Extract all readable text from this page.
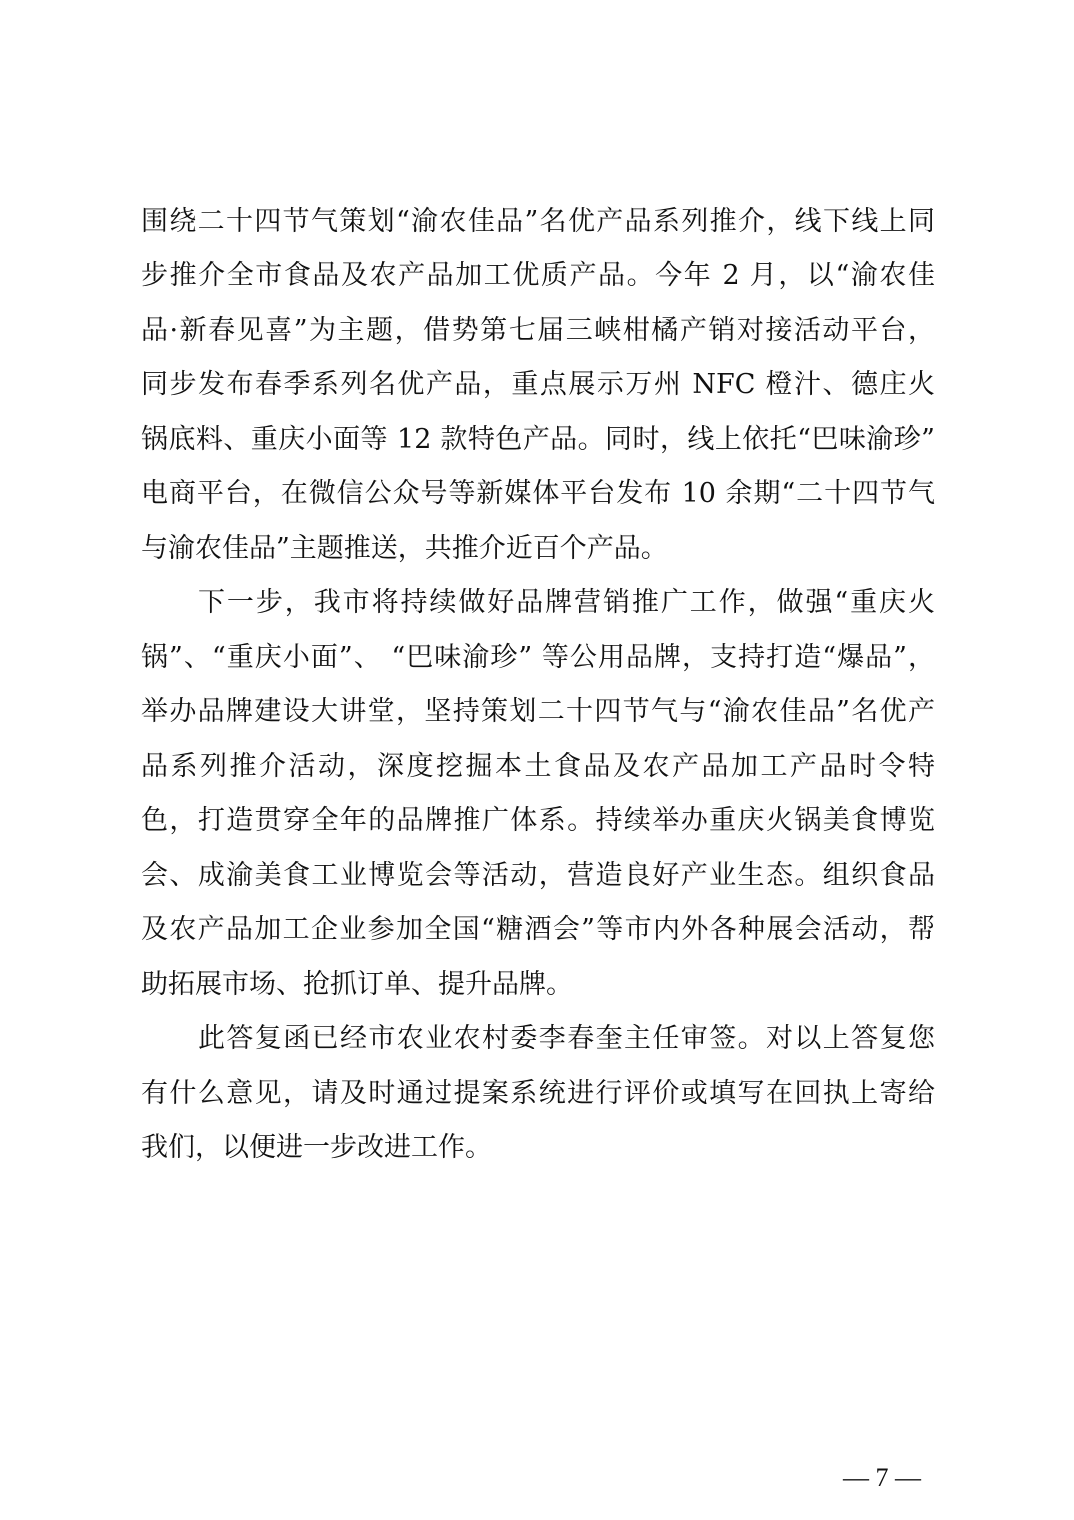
围绕二十四节气策划“渝农佳品”名优产品系列推介，线下线上同
步推介全市食品及农产品加工优质产品。今年 2 月，以“渝农佳
品·新春见喜”为主题，借势第七届三峡柑橘产销对接活动平台，
同步发布春季系列名优产品，重点展示万州 NFC 橙汁、德庄火
锅底料、重庆小面等 12 款特色产品。同时，线上依托“巴味渝珍”
电商平台，在微信公众号等新媒体平台发布 10 余期“二十四节气
与渝农佳品”主题推送，共推介近百个产品。
下一步，我市将持续做好品牌营销推广工作，做强“重庆火
锅”、“重庆小面”、 “巴味渝珍” 等公用品牌，支持打造“爆品”，
举办品牌建设大讲堂，坚持策划二十四节气与“渝农佳品”名优产
品系列推介活动，深度挖掘本土食品及农产品加工产品时令特
色，打造贯穿全年的品牌推广体系。持续举办重庆火锅美食博览
会、成渝美食工业博览会等活动，营造良好产业生态。组织食品
及农产品加工企业参加全国“糖酒会”等市内外各种展会活动，帮
助拓展市场、抢抓订单、提升品牌。
此答复函已经市农业农村委李春奎主任审签。对以上答复您
有什么意见，请及时通过提案系统进行评价或填写在回执上寄给
我们，以便进一步改进工作。
— 7 —
